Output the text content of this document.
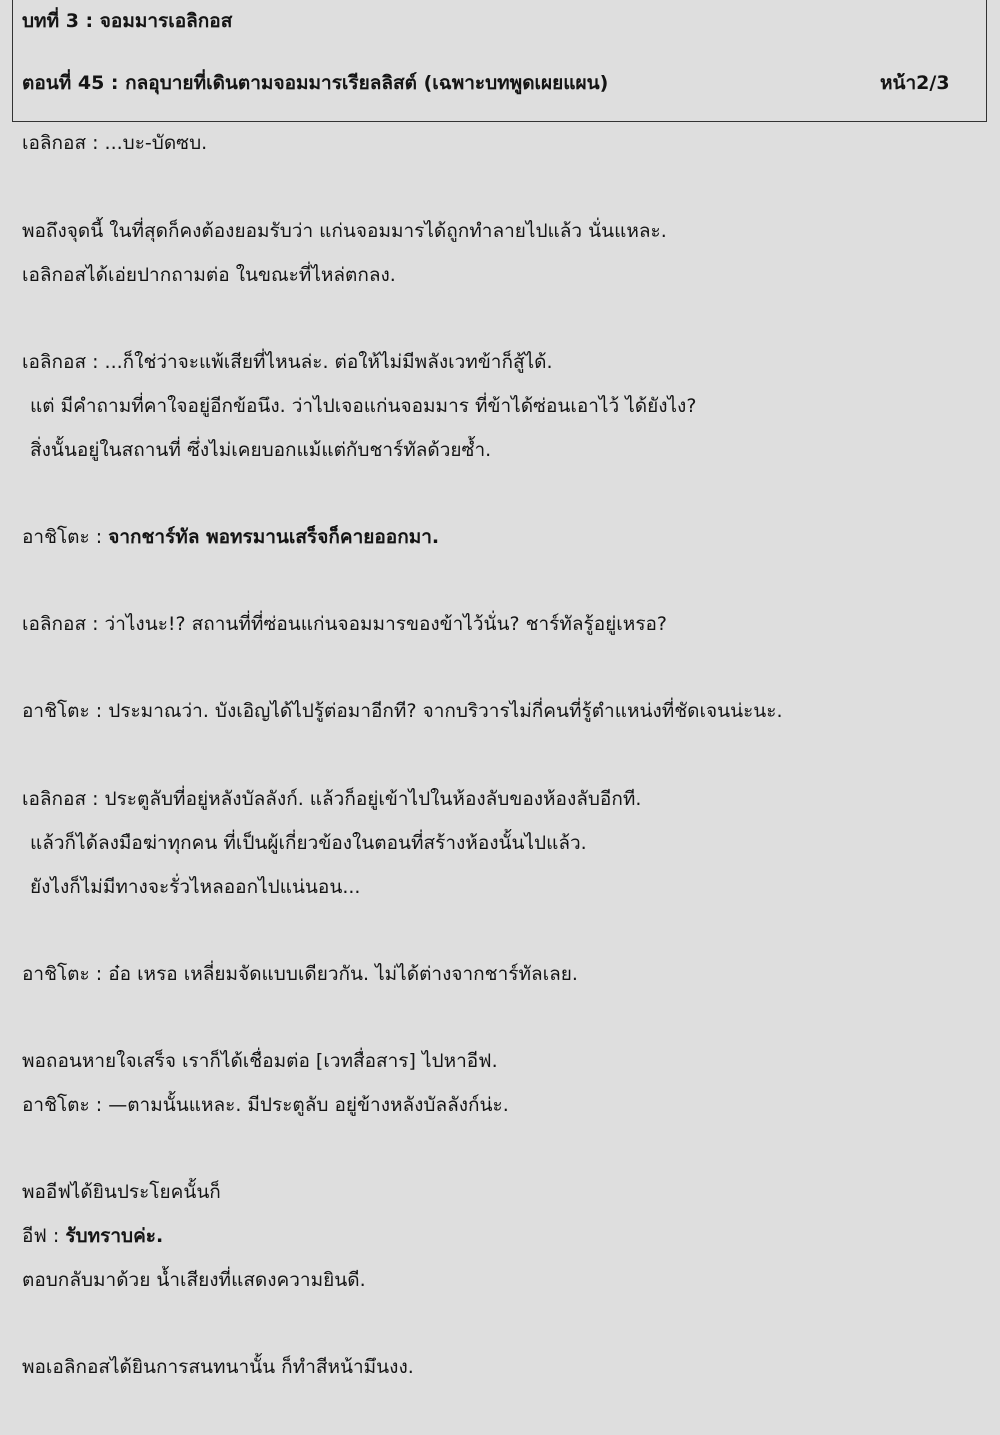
บทที่ 3 : จอมมารเอลิกอส
ตอนที่ 45 : กลอุบายที่เดินตามจอมมารเรียลลิสต์ (เฉพาะบทพูดเผยแผน)	หน้า2/3
เอลิกอส : ...บะ-บัดซบ.
พอถึงจุดนี้ ในที่สุดก็คงต้องยอมรับว่า แก่นจอมมารได้ถูกทำลายไปแล้ว นั่นแหละ.
เอลิกอสได้เอ่ยปากถามต่อ ในขณะที่ไหล่ตกลง.
เอลิกอส : ...ก็ใช่ว่าจะแพ้เสียที่ไหนล่ะ. ต่อให้ไม่มีพลังเวทข้าก็สู้ได้.
แต่ มีคำถามที่คาใจอยู่อีกข้อนึง. ว่าไปเจอแก่นจอมมาร ที่ข้าได้ซ่อนเอาไว้ ได้ยังไง?
สิ่งนั้นอยู่ในสถานที่ ซึ่งไม่เคยบอกแม้แต่กับชาร์ทัลด้วยซ้ำ.
อาชิโตะ : จากชาร์ทัล พอทรมานเสร็จก็คายออกมา.
เอลิกอส : ว่าไงนะ!? สถานที่ที่ซ่อนแก่นจอมมารของข้าไว้นั่น? ชาร์ทัลรู้อยู่เหรอ?
อาชิโตะ : ประมาณว่า. บังเอิญได้ไปรู้ต่อมาอีกที? จากบริวารไม่กี่คนที่รู้ตำแหน่งที่ชัดเจนน่ะนะ.
เอลิกอส : ประตูลับที่อยู่หลังบัลลังก์. แล้วก็อยู่เข้าไปในห้องลับของห้องลับอีกที.
แล้วก็ได้ลงมือฆ่าทุกคน ที่เป็นผู้เกี่ยวข้องในตอนที่สร้างห้องนั้นไปแล้ว.
ยังไงก็ไม่มีทางจะรั่วไหลออกไปแน่นอน...
อาชิโตะ : อ๋อ เหรอ เหลี่ยมจัดแบบเดียวกัน. ไม่ได้ต่างจากชาร์ทัลเลย.
พอถอนหายใจเสร็จ เราก็ได้เชื่อมต่อ [เวทสื่อสาร] ไปหาอีฟ.
อาชิโตะ : —ตามนั้นแหละ. มีประตูลับ อยู่ข้างหลังบัลลังก์น่ะ.
พออีฟได้ยินประโยคนั้นก็
อีฟ : รับทราบค่ะ.
ตอบกลับมาด้วย น้ำเสียงที่แสดงความยินดี.
พอเอลิกอสได้ยินการสนทนานั้น ก็ทำสีหน้ามึนงง.
